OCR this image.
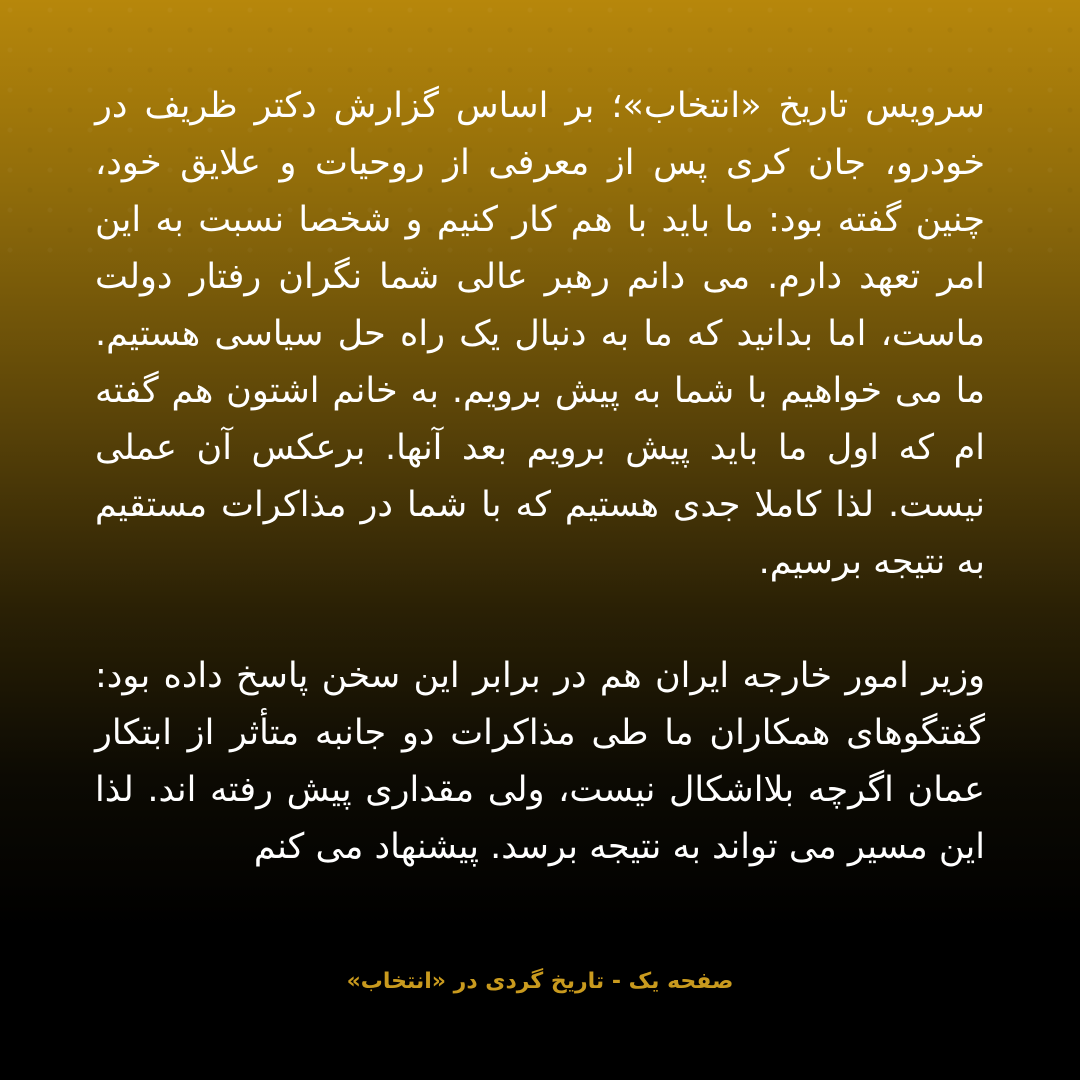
سرویس تاریخ «انتخاب»؛ بر اساس گزارش دکتر ظریف در خودرو، جان کری پس از معرفی از روحیات و علایق خود، چنین گفته بود: ما باید با هم کار کنیم و شخصا نسبت به این امر تعهد دارم. می دانم رهبر عالی شما نگران رفتار دولت ماست، اما بدانید که ما به دنبال یک راه حل سیاسی هستیم. ما می خواهیم با شما به پیش برویم. به خانم اشتون هم گفته ام که اول ما باید پیش برویم بعد آنها. برعکس آن عملی نیست. لذا کاملا جدی هستیم که با شما در مذاکرات مستقیم به نتیجه برسیم.

وزیر امور خارجه ایران هم در برابر این سخن پاسخ داده بود: گفتگوهای همکاران ما طی مذاکرات دو جانبه متأثر از ابتکار عمان اگرچه بلااشکال نیست، ولی مقداری پیش رفته اند. لذا این مسیر می تواند به نتیجه برسد. پیشنهاد می کنم

صفحه یک - تاریخ گردی در «انتخاب»
